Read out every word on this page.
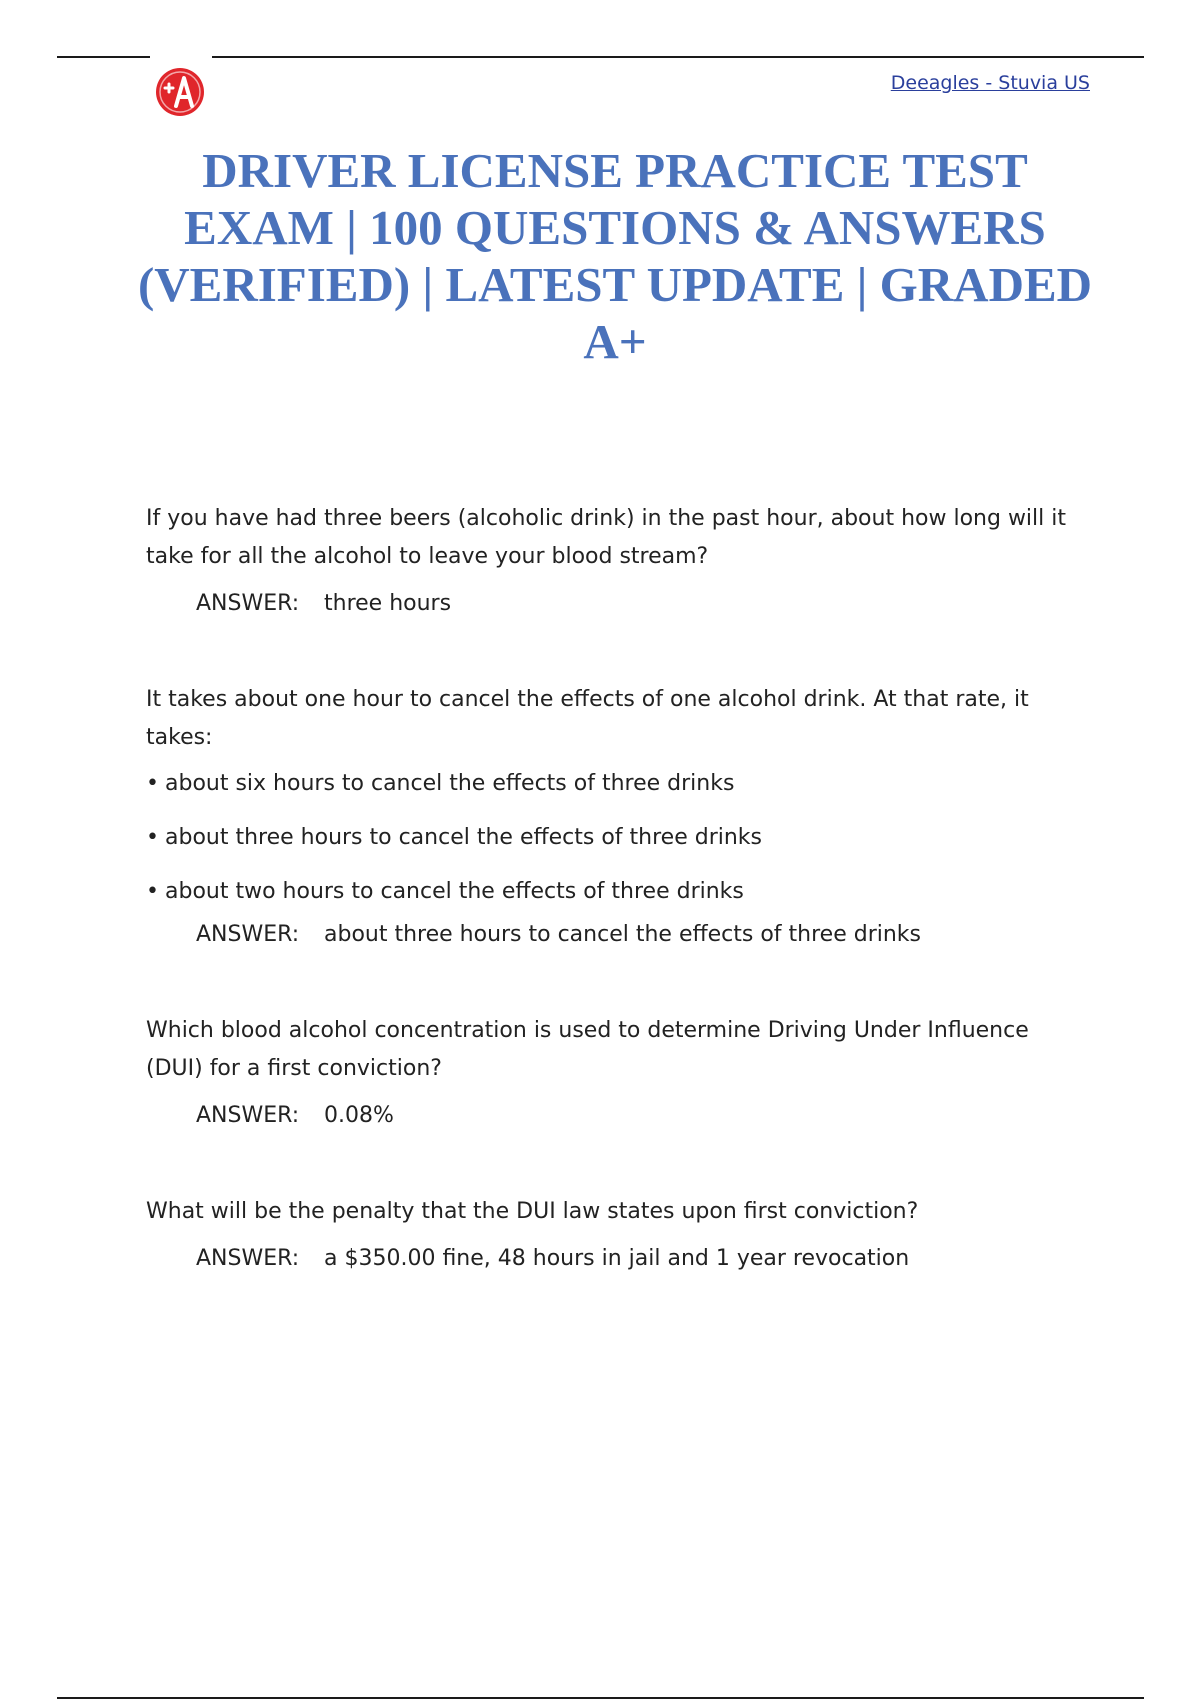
Deeagles - Stuvia US
DRIVER LICENSE PRACTICE TEST EXAM | 100 QUESTIONS & ANSWERS (VERIFIED) | LATEST UPDATE | GRADED A+

If you have had three beers (alcoholic drink) in the past hour, about how long will it take for all the alcohol to leave your blood stream?

ANSWER: three hours

It takes about one hour to cancel the effects of one alcohol drink. At that rate, it takes:

• about six hours to cancel the effects of three drinks
• about three hours to cancel the effects of three drinks
• about two hours to cancel the effects of three drinks

ANSWER: about three hours to cancel the effects of three drinks

Which blood alcohol concentration is used to determine Driving Under Influence (DUI) for a first conviction?

ANSWER: 0.08%

What will be the penalty that the DUI law states upon first conviction?

ANSWER: a $350.00 fine, 48 hours in jail and 1 year revocation
